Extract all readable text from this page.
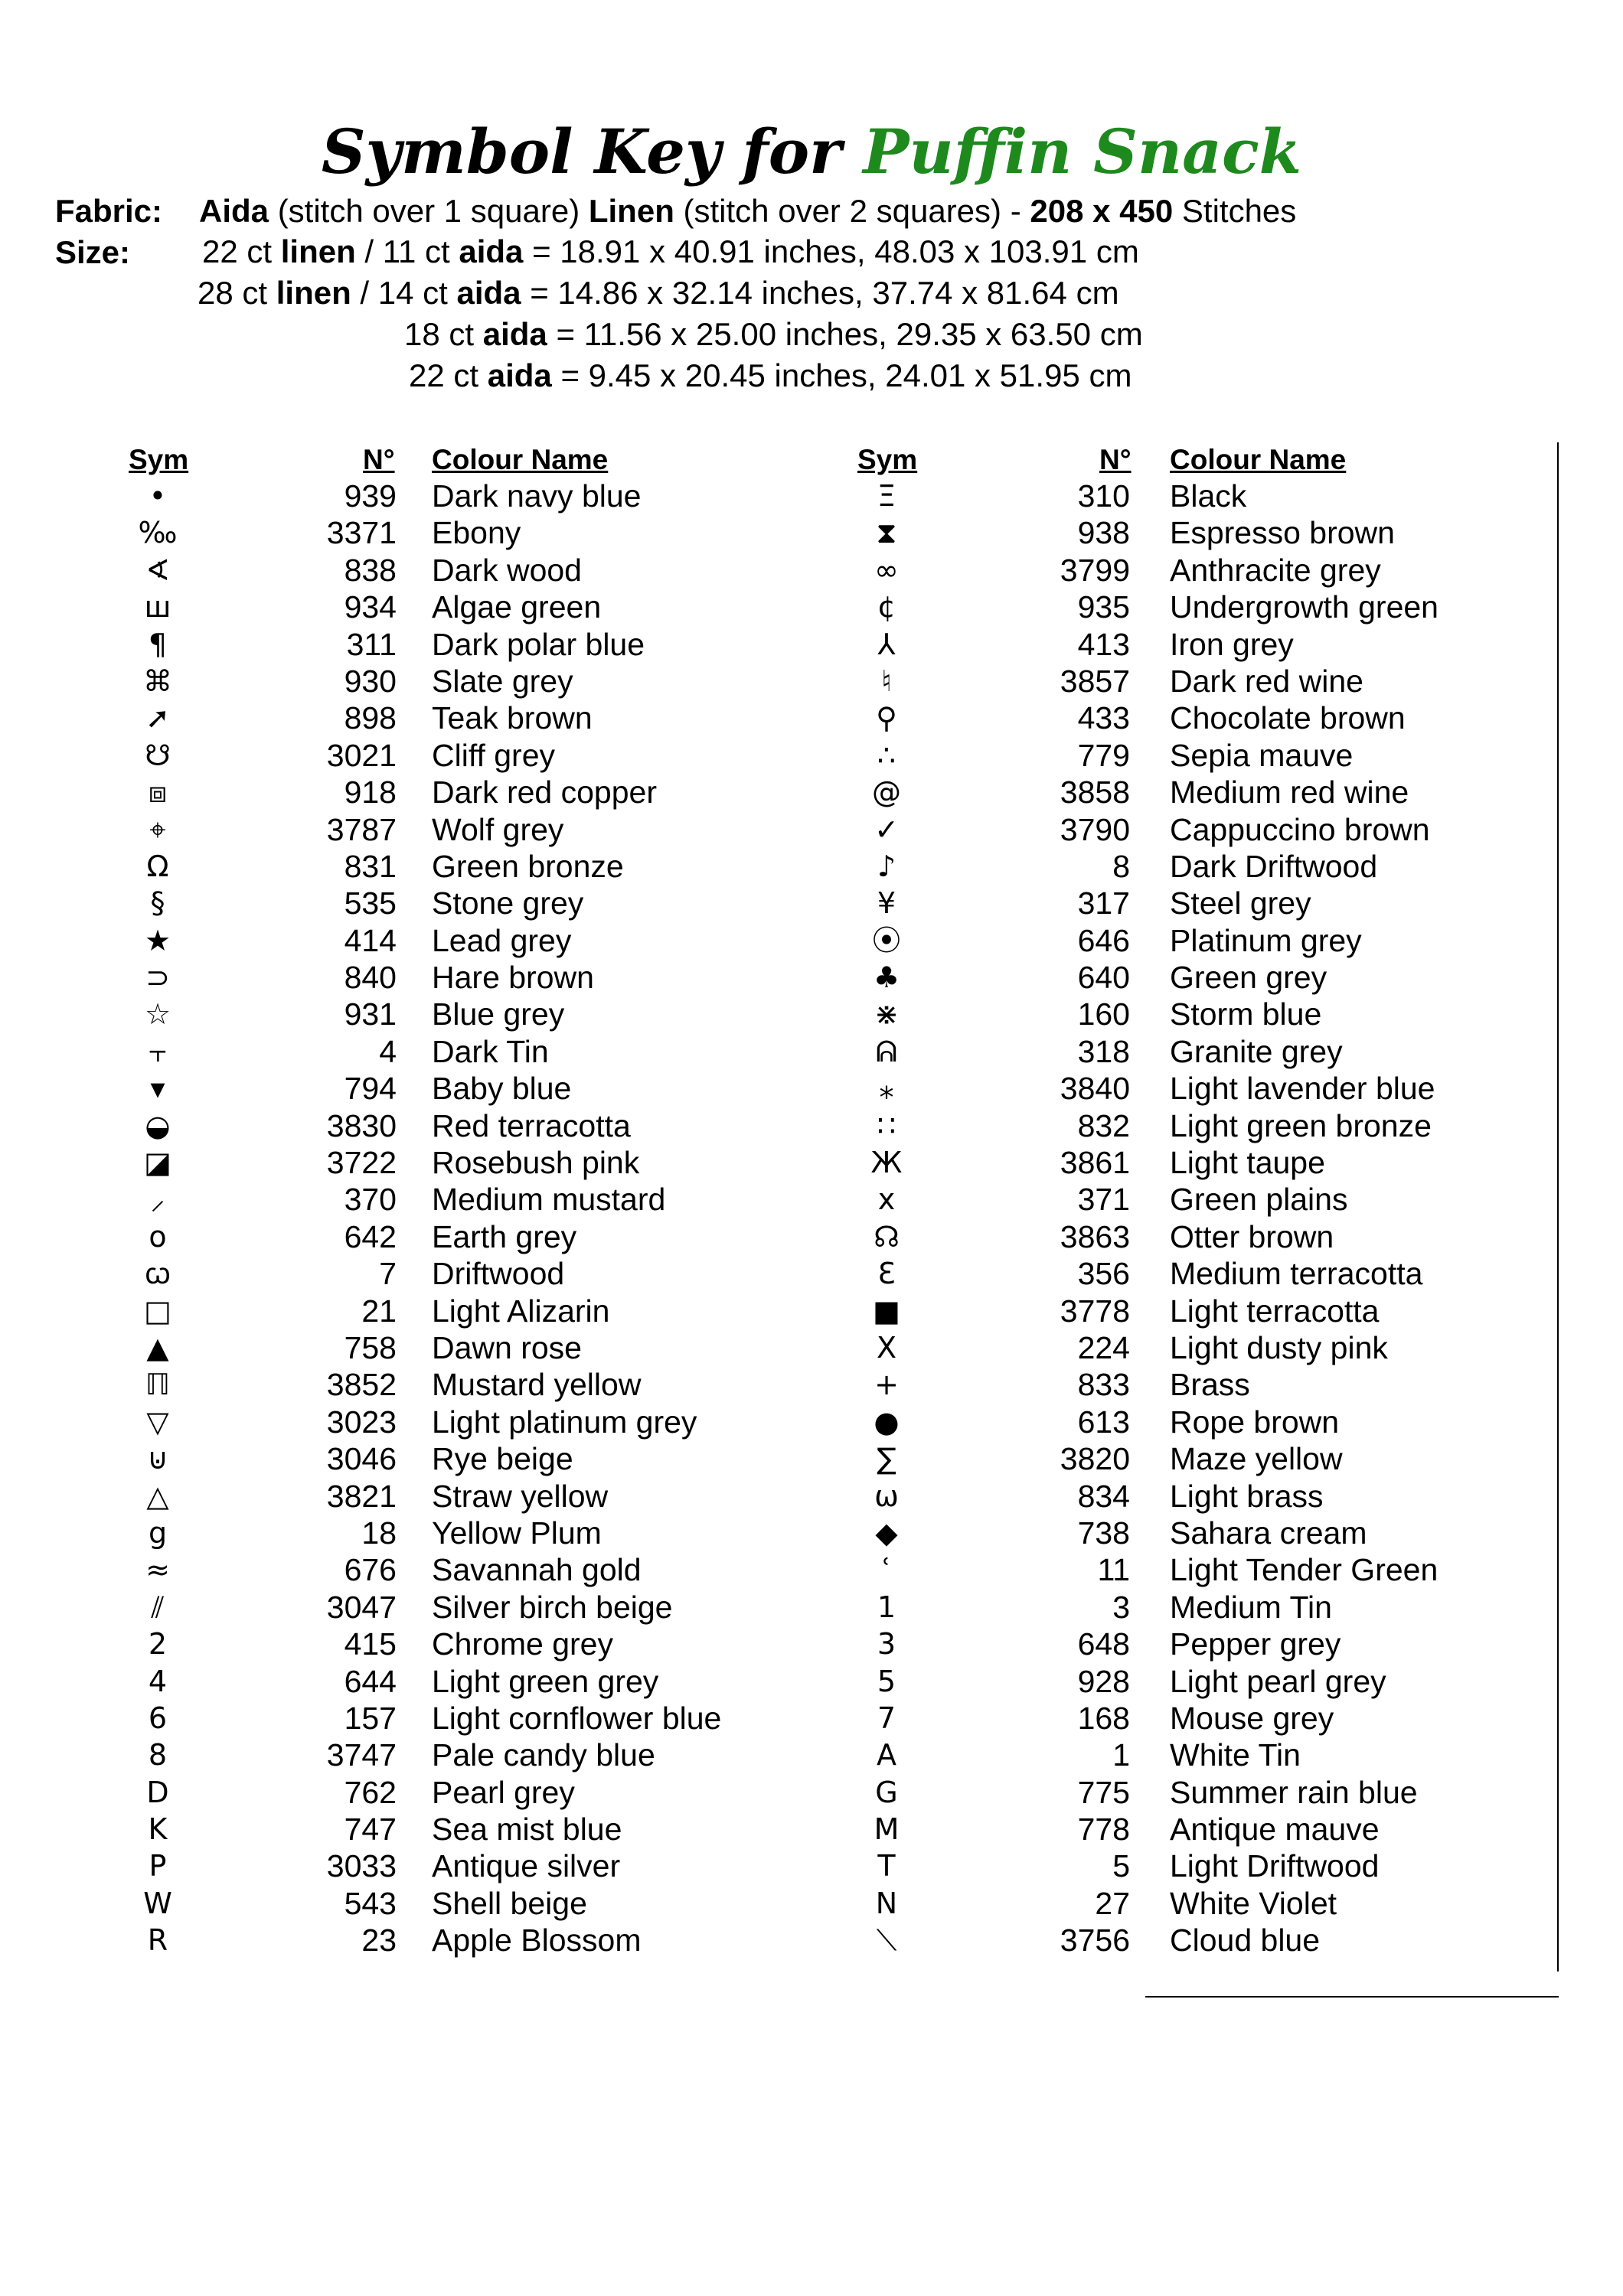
Symbol Key for Puffin Snack
Fabric: Aida (stitch over 1 square) Linen (stitch over 2 squares) - 208 x 450 Stitches
Size: 22 ct linen / 11 ct aida = 18.91 x 40.91 inches, 48.03 x 103.91 cm
28 ct linen / 14 ct aida = 14.86 x 32.14 inches, 37.74 x 81.64 cm
18 ct aida = 11.56 x 25.00 inches, 29.35 x 63.50 cm
22 ct aida = 9.45 x 20.45 inches, 24.01 x 51.95 cm
Sym	N° Colour Name	Sym	N° Colour Name
•	939 Dark navy blue
‰	3371 Ebony
∢	838 Dark wood
ш	934 Algae green
¶	311 Dark polar blue
⌘	930 Slate grey
➚	898 Teak brown
☋	3021 Cliff grey
⧈	918 Dark red copper
⌖	3787 Wolf grey
Ω	831 Green bronze
§	535 Stone grey
★	414 Lead grey
⊃	840 Hare brown
☆	931 Blue grey
⫟	4 Dark Tin
▾	794 Baby blue
◒	3830 Red terracotta
◪	3722 Rosebush pink
⸝	370 Medium mustard
o	642 Earth grey
ꞷ	7 Driftwood
□	21 Light Alizarin
▲	758 Dawn rose
ℿ	3852 Mustard yellow
▽	3023 Light platinum grey
⊍	3046 Rye beige
△	3821 Straw yellow
g	18 Yellow Plum
≈	676 Savannah gold
⫽	3047 Silver birch beige
2	415 Chrome grey
4	644 Light green grey
6	157 Light cornflower blue
8	3747 Pale candy blue
D	762 Pearl grey
K	747 Sea mist blue
P	3033 Antique silver
W	543 Shell beige
R	23 Apple Blossom
Ξ	310 Black
⧗	938 Espresso brown
∞	3799 Anthracite grey
¢	935 Undergrowth green
⅄	413 Iron grey
♮	3857 Dark red wine
⚲	433 Chocolate brown
∴	779 Sepia mauve
@	3858 Medium red wine
✓	3790 Cappuccino brown
♪	8 Dark Driftwood
¥	317 Steel grey
⦿	646 Platinum grey
♣	640 Green grey
⋇	160 Storm blue
ᕱ	318 Granite grey
⁎	3840 Light lavender blue
∷	832 Light green bronze
Ж	3861 Light taupe
x	371 Green plains
☊	3863 Otter brown
Ɛ	356 Medium terracotta
■	3778 Light terracotta
X	224 Light dusty pink
+	833 Brass
●	613 Rope brown
∑	3820 Maze yellow
ω	834 Light brass
◆	738 Sahara cream
ʿ	11 Light Tender Green
1	3 Medium Tin
3	648 Pepper grey
5	928 Light pearl grey
7	168 Mouse grey
A	1 White Tin
G	775 Summer rain blue
M	778 Antique mauve
T	5 Light Driftwood
N	27 White Violet
⟍	3756 Cloud blue
